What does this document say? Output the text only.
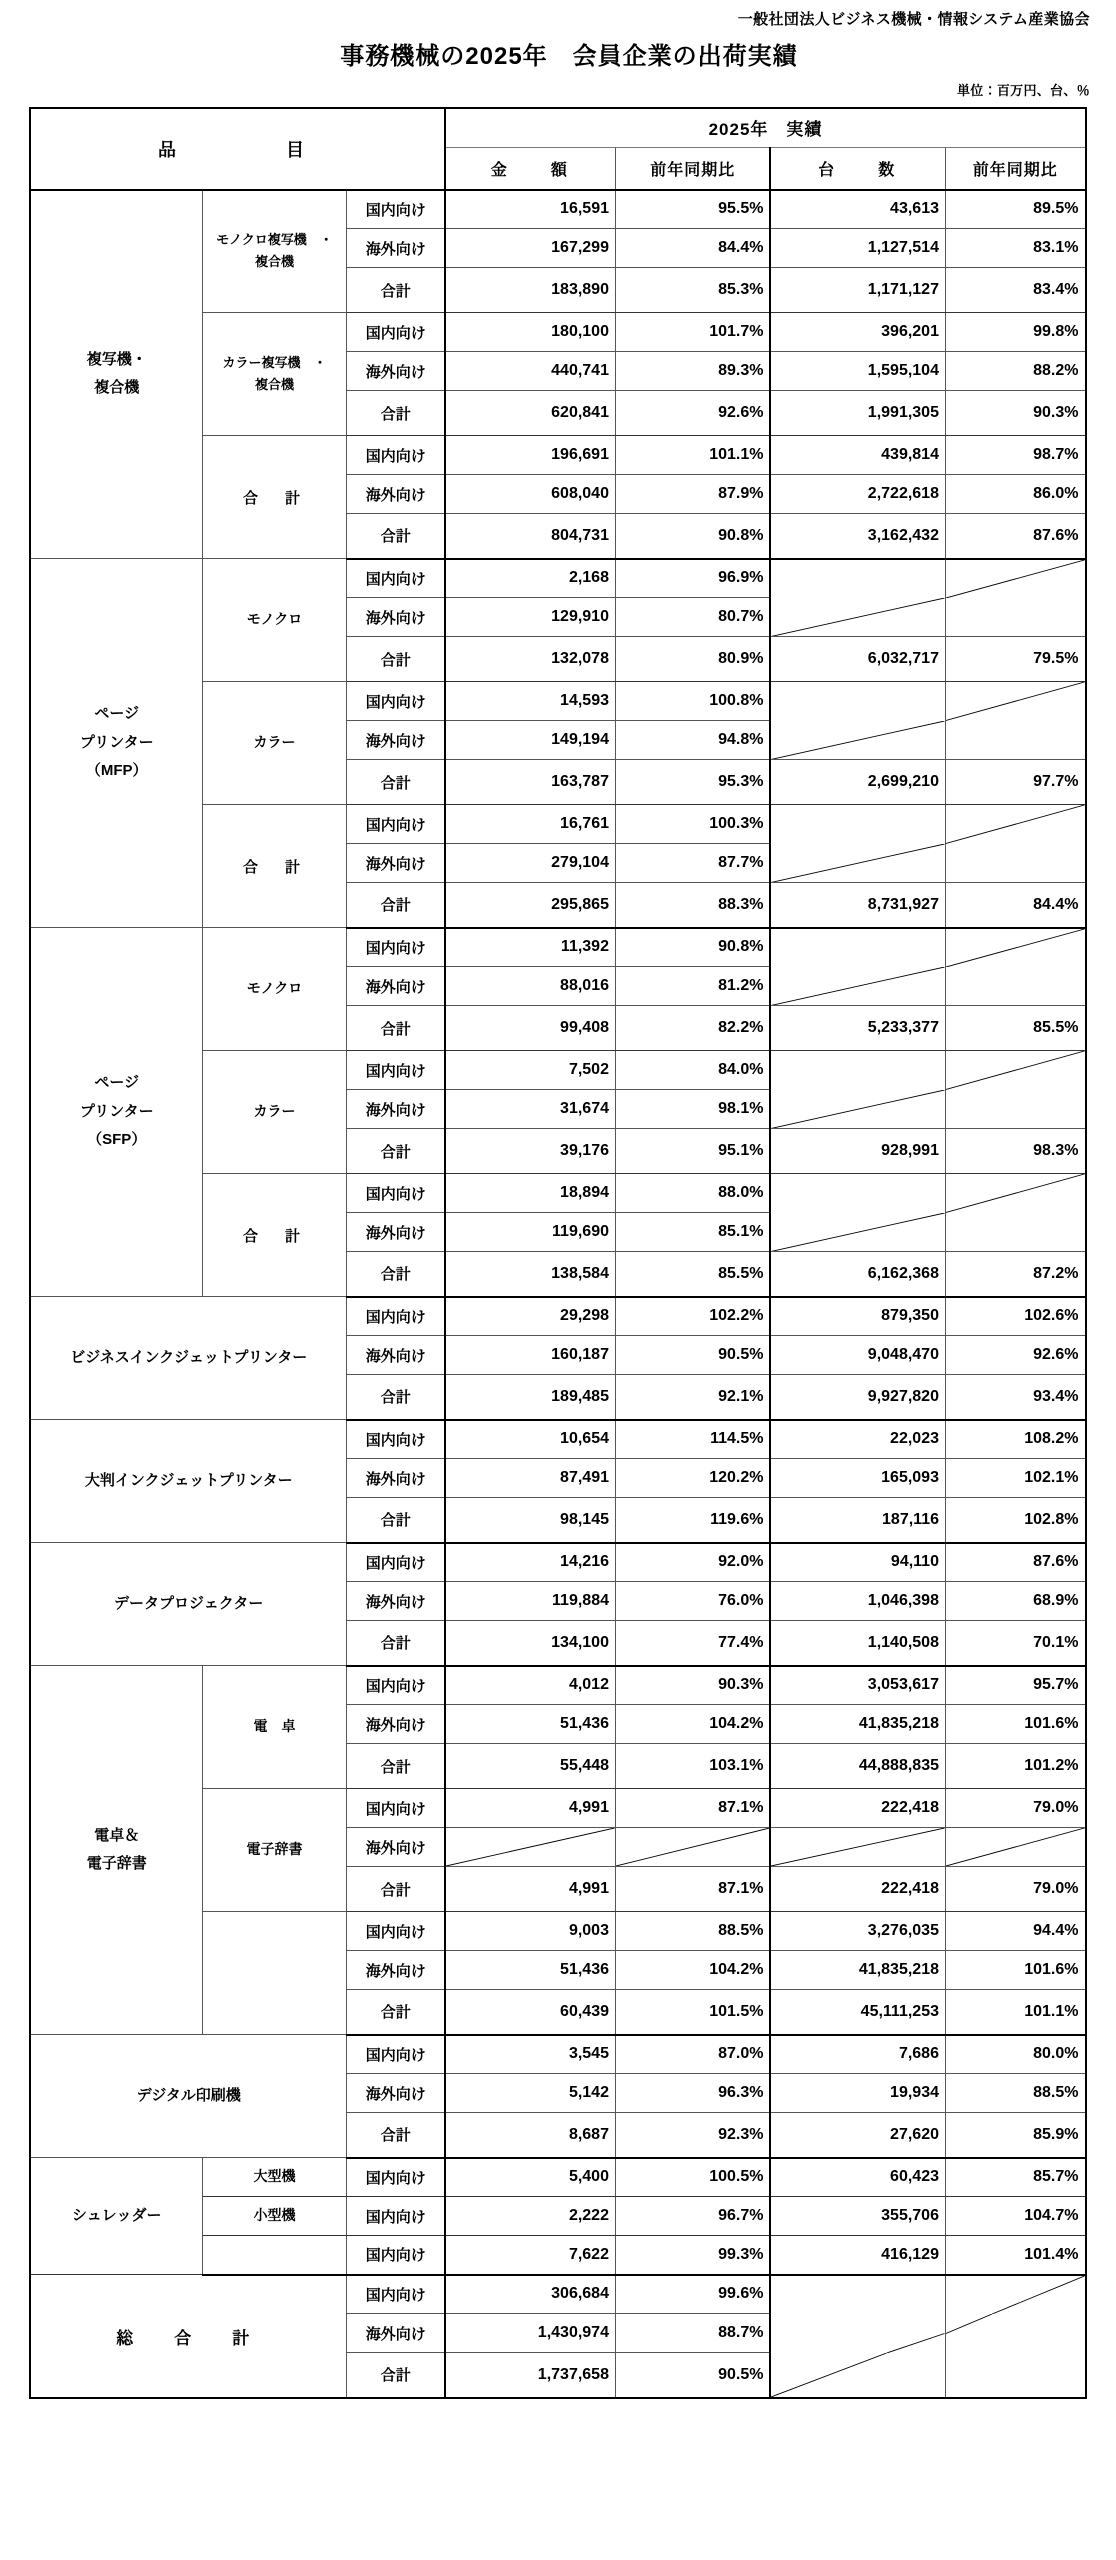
一般社団法人ビジネス機械・情報システム産業協会
事務機械の2025年　会員企業の出荷実績
単位：百万円、台、％
品　　　目			2025年　実績			
			金　　額	前年同期比	台　　数	前年同期比
複写機・
複合機	モノクロ複写機　・
複合機	国内向け	16,591	95.5%	43,613	89.5%
		海外向け	167,299	84.4%	1,127,514	83.1%
		合計	183,890	85.3%	1,171,127	83.4%
	カラー複写機　・
複合機	国内向け	180,100	101.7%	396,201	99.8%
		海外向け	440,741	89.3%	1,595,104	88.2%
		合計	620,841	92.6%	1,991,305	90.3%
	合　計	国内向け	196,691	101.1%	439,814	98.7%
		海外向け	608,040	87.9%	2,722,618	86.0%
		合計	804,731	90.8%	3,162,432	87.6%
ページ
プリンター
（MFP）	モノクロ	国内向け	2,168	96.9%	

		海外向け	129,910	80.7%	

		合計	132,078	80.9%	6,032,717	79.5%
	カラー	国内向け	14,593	100.8%	

		海外向け	149,194	94.8%	

		合計	163,787	95.3%	2,699,210	97.7%
	合　計	国内向け	16,761	100.3%	

		海外向け	279,104	87.7%	

		合計	295,865	88.3%	8,731,927	84.4%
ページ
プリンター
（SFP）	モノクロ	国内向け	11,392	90.8%	

		海外向け	88,016	81.2%	

		合計	99,408	82.2%	5,233,377	85.5%
	カラー	国内向け	7,502	84.0%	

		海外向け	31,674	98.1%	

		合計	39,176	95.1%	928,991	98.3%
	合　計	国内向け	18,894	88.0%	

		海外向け	119,690	85.1%	

		合計	138,584	85.5%	6,162,368	87.2%
ビジネスインクジェットプリンター		国内向け	29,298	102.2%	879,350	102.6%
		海外向け	160,187	90.5%	9,048,470	92.6%
		合計	189,485	92.1%	9,927,820	93.4%
大判インクジェットプリンター		国内向け	10,654	114.5%	22,023	108.2%
		海外向け	87,491	120.2%	165,093	102.1%
		合計	98,145	119.6%	187,116	102.8%
データプロジェクター		国内向け	14,216	92.0%	94,110	87.6%
		海外向け	119,884	76.0%	1,046,398	68.9%
		合計	134,100	77.4%	1,140,508	70.1%
電卓＆
電子辞書	電　卓	国内向け	4,012	90.3%	3,053,617	95.7%
		海外向け	51,436	104.2%	41,835,218	101.6%
		合計	55,448	103.1%	44,888,835	101.2%
	電子辞書	国内向け	4,991	87.1%	222,418	79.0%
		海外向け	

		合計	4,991	87.1%	222,418	79.0%
		国内向け	9,003	88.5%	3,276,035	94.4%
		海外向け	51,436	104.2%	41,835,218	101.6%
		合計	60,439	101.5%	45,111,253	101.1%
デジタル印刷機		国内向け	3,545	87.0%	7,686	80.0%
		海外向け	5,142	96.3%	19,934	88.5%
		合計	8,687	92.3%	27,620	85.9%
シュレッダー	大型機	国内向け	5,400	100.5%	60,423	85.7%
	小型機	国内向け	2,222	96.7%	355,706	104.7%
		国内向け	7,622	99.3%	416,129	101.4%
総　合　計		国内向け	306,684	99.6%	

		海外向け	1,430,974	88.7%	

		合計	1,737,658	90.5%	
